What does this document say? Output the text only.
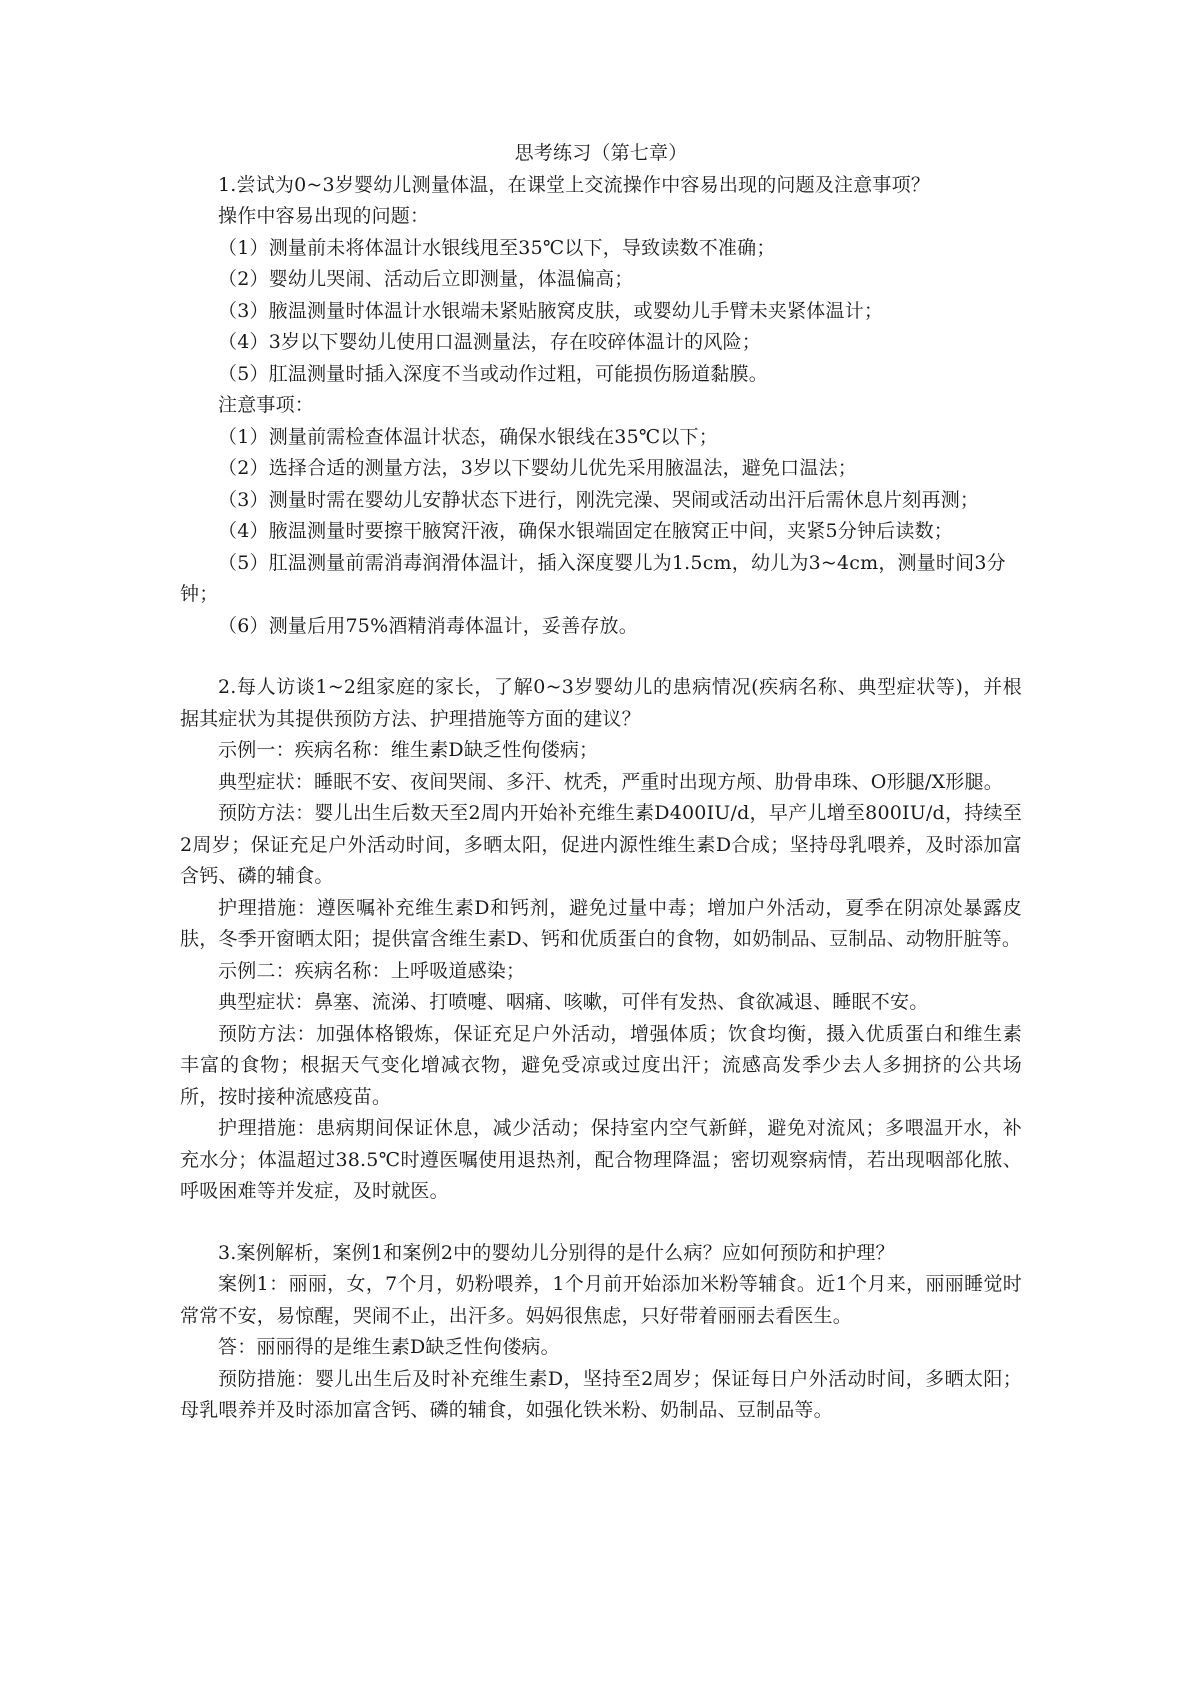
思考练习（第七章）

1.尝试为0~3岁婴幼儿测量体温，在课堂上交流操作中容易出现的问题及注意事项？

操作中容易出现的问题：

（1）测量前未将体温计水银线甩至35℃以下，导致读数不准确；

（2）婴幼儿哭闹、活动后立即测量，体温偏高；

（3）腋温测量时体温计水银端未紧贴腋窝皮肤，或婴幼儿手臂未夹紧体温计；

（4）3岁以下婴幼儿使用口温测量法，存在咬碎体温计的风险；

（5）肛温测量时插入深度不当或动作过粗，可能损伤肠道黏膜。

注意事项：

（1）测量前需检查体温计状态，确保水银线在35℃以下；

（2）选择合适的测量方法，3岁以下婴幼儿优先采用腋温法，避免口温法；

（3）测量时需在婴幼儿安静状态下进行，刚洗完澡、哭闹或活动出汗后需休息片刻再测；

（4）腋温测量时要擦干腋窝汗液，确保水银端固定在腋窝正中间，夹紧5分钟后读数；

（5）肛温测量前需消毒润滑体温计，插入深度婴儿为1.5cm，幼儿为3~4cm，测量时间3分钟；

（6）测量后用75%酒精消毒体温计，妥善存放。

2.每人访谈1~2组家庭的家长，了解0~3岁婴幼儿的患病情况(疾病名称、典型症状等)，并根据其症状为其提供预防方法、护理措施等方面的建议？

示例一：疾病名称：维生素D缺乏性佝偻病；

典型症状：睡眠不安、夜间哭闹、多汗、枕秃，严重时出现方颅、肋骨串珠、O形腿/X形腿。

预防方法：婴儿出生后数天至2周内开始补充维生素D400IU/d，早产儿增至800IU/d，持续至2周岁；保证充足户外活动时间，多晒太阳，促进内源性维生素D合成；坚持母乳喂养，及时添加富含钙、磷的辅食。

护理措施：遵医嘱补充维生素D和钙剂，避免过量中毒；增加户外活动，夏季在阴凉处暴露皮肤，冬季开窗晒太阳；提供富含维生素D、钙和优质蛋白的食物，如奶制品、豆制品、动物肝脏等。

示例二：疾病名称：上呼吸道感染；

典型症状：鼻塞、流涕、打喷嚏、咽痛、咳嗽，可伴有发热、食欲减退、睡眠不安。

预防方法：加强体格锻炼，保证充足户外活动，增强体质；饮食均衡，摄入优质蛋白和维生素丰富的食物；根据天气变化增减衣物，避免受凉或过度出汗；流感高发季少去人多拥挤的公共场所，按时接种流感疫苗。

护理措施：患病期间保证休息，减少活动；保持室内空气新鲜，避免对流风；多喂温开水，补充水分；体温超过38.5℃时遵医嘱使用退热剂，配合物理降温；密切观察病情，若出现咽部化脓、呼吸困难等并发症，及时就医。

3.案例解析，案例1和案例2中的婴幼儿分别得的是什么病？应如何预防和护理？

案例1：丽丽，女，7个月，奶粉喂养，1个月前开始添加米粉等辅食。近1个月来，丽丽睡觉时常常不安，易惊醒，哭闹不止，出汗多。妈妈很焦虑，只好带着丽丽去看医生。

答：丽丽得的是维生素D缺乏性佝偻病。

预防措施：婴儿出生后及时补充维生素D，坚持至2周岁；保证每日户外活动时间，多晒太阳；母乳喂养并及时添加富含钙、磷的辅食，如强化铁米粉、奶制品、豆制品等。
